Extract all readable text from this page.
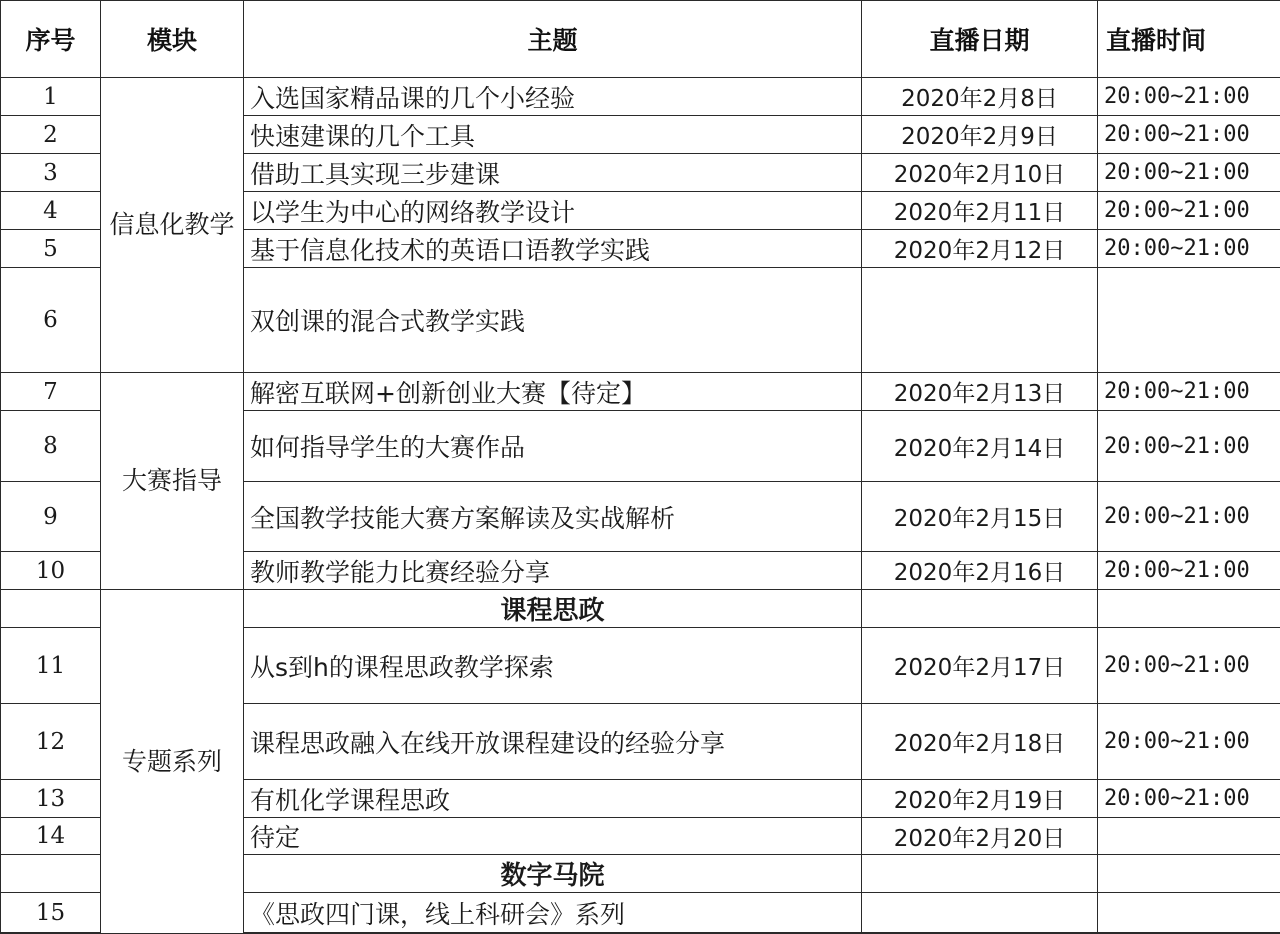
序号	模块	主题	直播日期	直播时间
1	信息化教学	入选国家精品课的几个小经验	2020年2月8日	20:00~21:00
2		快速建课的几个工具	2020年2月9日	20:00~21:00
3		借助工具实现三步建课	2020年2月10日	20:00~21:00
4		以学生为中心的网络教学设计	2020年2月11日	20:00~21:00
5		基于信息化技术的英语口语教学实践	2020年2月12日	20:00~21:00
6		双创课的混合式教学实践		
7	大赛指导	解密互联网+创新创业大赛【待定】	2020年2月13日	20:00~21:00
8		如何指导学生的大赛作品	2020年2月14日	20:00~21:00
9		全国教学技能大赛方案解读及实战解析	2020年2月15日	20:00~21:00
10		教师教学能力比赛经验分享	2020年2月16日	20:00~21:00
	专题系列	课程思政		
11		从s到h的课程思政教学探索	2020年2月17日	20:00~21:00
12		课程思政融入在线开放课程建设的经验分享	2020年2月18日	20:00~21:00
13		有机化学课程思政	2020年2月19日	20:00~21:00
14		待定	2020年2月20日	
		数字马院		
15		《思政四门课，线上科研会》系列		
